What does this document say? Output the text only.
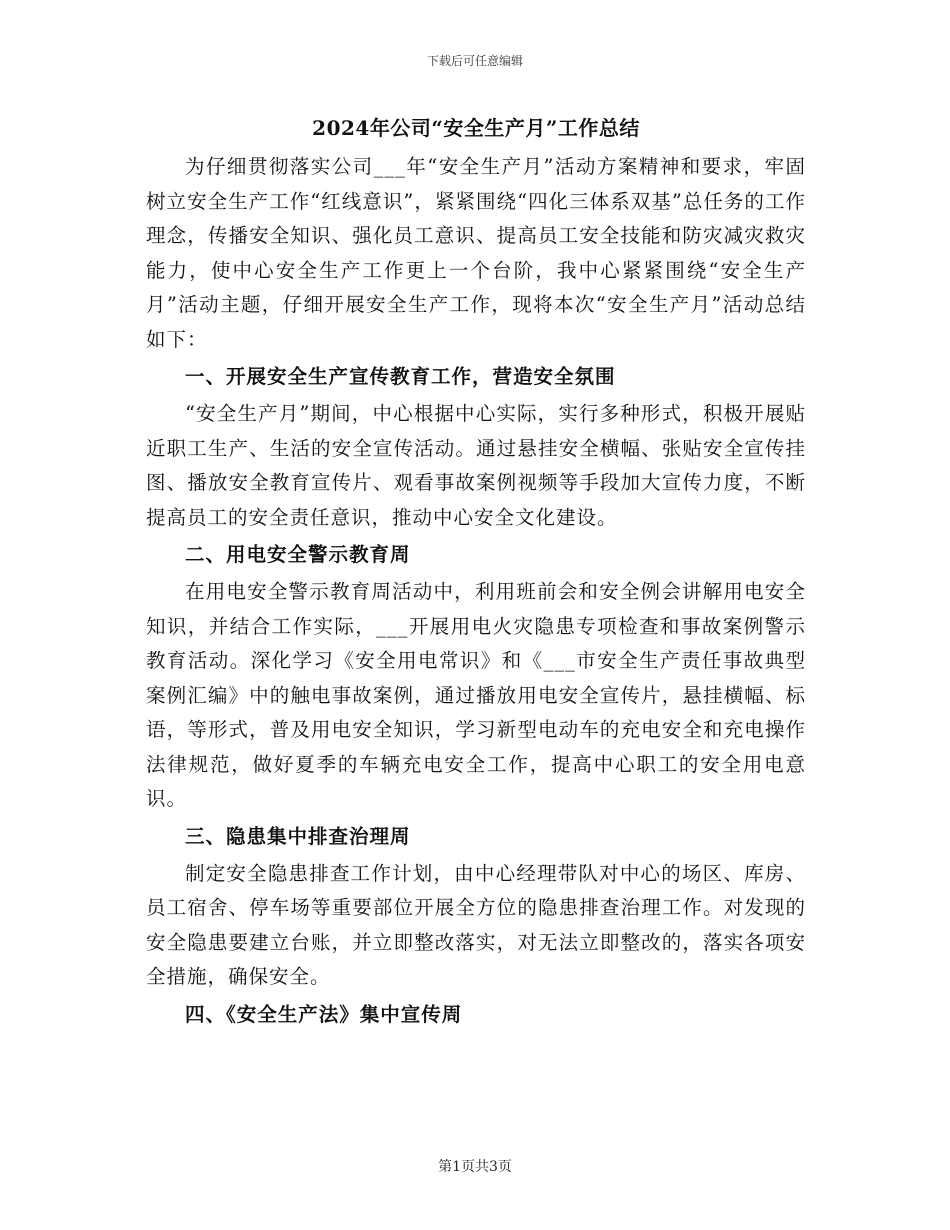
下载后可任意编辑
2024年公司“安全生产月”工作总结

为仔细贯彻落实公司___年“安全生产月”活动方案精神和要求，牢固树立安全生产工作“红线意识”，紧紧围绕“四化三体系双基”总任务的工作理念，传播安全知识、强化员工意识、提高员工安全技能和防灾减灾救灾能力，使中心安全生产工作更上一个台阶，我中心紧紧围绕“安全生产月”活动主题，仔细开展安全生产工作，现将本次“安全生产月”活动总结如下：

一、开展安全生产宣传教育工作，营造安全氛围

“安全生产月”期间，中心根据中心实际，实行多种形式，积极开展贴近职工生产、生活的安全宣传活动。通过悬挂安全横幅、张贴安全宣传挂图、播放安全教育宣传片、观看事故案例视频等手段加大宣传力度，不断提高员工的安全责任意识，推动中心安全文化建设。

二、用电安全警示教育周

在用电安全警示教育周活动中，利用班前会和安全例会讲解用电安全知识，并结合工作实际，___开展用电火灾隐患专项检查和事故案例警示教育活动。深化学习《安全用电常识》和《___市安全生产责任事故典型案例汇编》中的触电事故案例，通过播放用电安全宣传片，悬挂横幅、标语，等形式，普及用电安全知识，学习新型电动车的充电安全和充电操作法律规范，做好夏季的车辆充电安全工作，提高中心职工的安全用电意识。

三、隐患集中排查治理周

制定安全隐患排查工作计划，由中心经理带队对中心的场区、库房、员工宿舍、停车场等重要部位开展全方位的隐患排查治理工作。对发现的安全隐患要建立台账，并立即整改落实，对无法立即整改的，落实各项安全措施，确保安全。

四、《安全生产法》集中宣传周
第1页共3页
